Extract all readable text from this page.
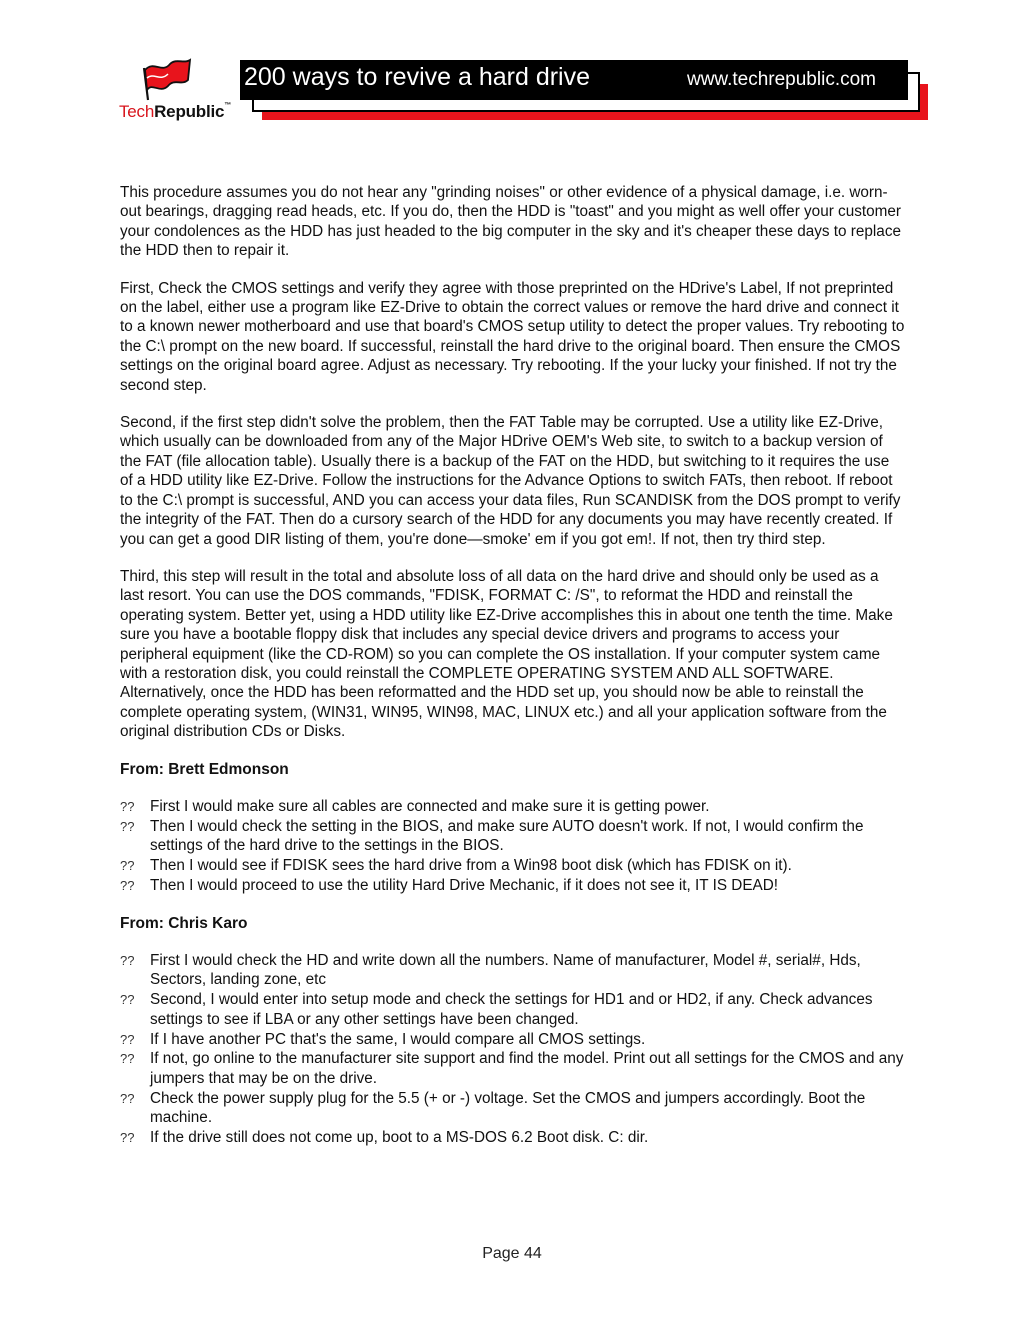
TechRepublic™
200 ways to revive a hard drive	www.techrepublic.com

This procedure assumes you do not hear any "grinding noises" or other evidence of a physical damage, i.e. worn-out bearings, dragging read heads, etc. If you do, then the HDD is "toast" and you might as well offer your customer your condolences as the HDD has just headed to the big computer in the sky and it's cheaper these days to replace the HDD then to repair it.

First, Check the CMOS settings and verify they agree with those preprinted on the HDrive's Label, If not preprinted on the label, either use a program like EZ-Drive to obtain the correct values or remove the hard drive and connect it to a known newer motherboard and use that board's CMOS setup utility to detect the proper values. Try rebooting to the C:\ prompt on the new board. If successful, reinstall the hard drive to the original board. Then ensure the CMOS settings on the original board agree. Adjust as necessary. Try rebooting. If the your lucky your finished. If not try the second step.

Second, if the first step didn't solve the problem, then the FAT Table may be corrupted. Use a utility like EZ-Drive, which usually can be downloaded from any of the Major HDrive OEM's Web site, to switch to a backup version of the FAT (file allocation table). Usually there is a backup of the FAT on the HDD, but switching to it requires the use of a HDD utility like EZ-Drive. Follow the instructions for the Advance Options to switch FATs, then reboot. If reboot to the C:\ prompt is successful, AND you can access your data files, Run SCANDISK from the DOS prompt to verify the integrity of the FAT. Then do a cursory search of the HDD for any documents you may have recently created. If you can get a good DIR listing of them, you're done—smoke' em if you got em!. If not, then try third step.

Third, this step will result in the total and absolute loss of all data on the hard drive and should only be used as a last resort. You can use the DOS commands, "FDISK, FORMAT C: /S", to reformat the HDD and reinstall the operating system. Better yet, using a HDD utility like EZ-Drive accomplishes this in about one tenth the time. Make sure you have a bootable floppy disk that includes any special device drivers and programs to access your peripheral equipment (like the CD-ROM) so you can complete the OS installation. If your computer system came with a restoration disk, you could reinstall the COMPLETE OPERATING SYSTEM AND ALL SOFTWARE. Alternatively, once the HDD has been reformatted and the HDD set up, you should now be able to reinstall the complete operating system, (WIN31, WIN95, WIN98, MAC, LINUX etc.) and all your application software from the original distribution CDs or Disks.

From: Brett Edmonson
?? First I would make sure all cables are connected and make sure it is getting power.
?? Then I would check the setting in the BIOS, and make sure AUTO doesn't work. If not, I would confirm the settings of the hard drive to the settings in the BIOS.
?? Then I would see if FDISK sees the hard drive from a Win98 boot disk (which has FDISK on it).
?? Then I would proceed to use the utility Hard Drive Mechanic, if it does not see it, IT IS DEAD!
From: Chris Karo
?? First I would check the HD and write down all the numbers. Name of manufacturer, Model #, serial#, Hds, Sectors, landing zone, etc
?? Second, I would enter into setup mode and check the settings for HD1 and or HD2, if any. Check advances settings to see if LBA or any other settings have been changed.
?? If I have another PC that's the same, I would compare all CMOS settings.
?? If not, go online to the manufacturer site support and find the model. Print out all settings for the CMOS and any jumpers that may be on the drive.
?? Check the power supply plug for the 5.5 (+ or -) voltage. Set the CMOS and jumpers accordingly. Boot the machine.
?? If the drive still does not come up, boot to a MS-DOS 6.2 Boot disk. C: dir.
Page 44
